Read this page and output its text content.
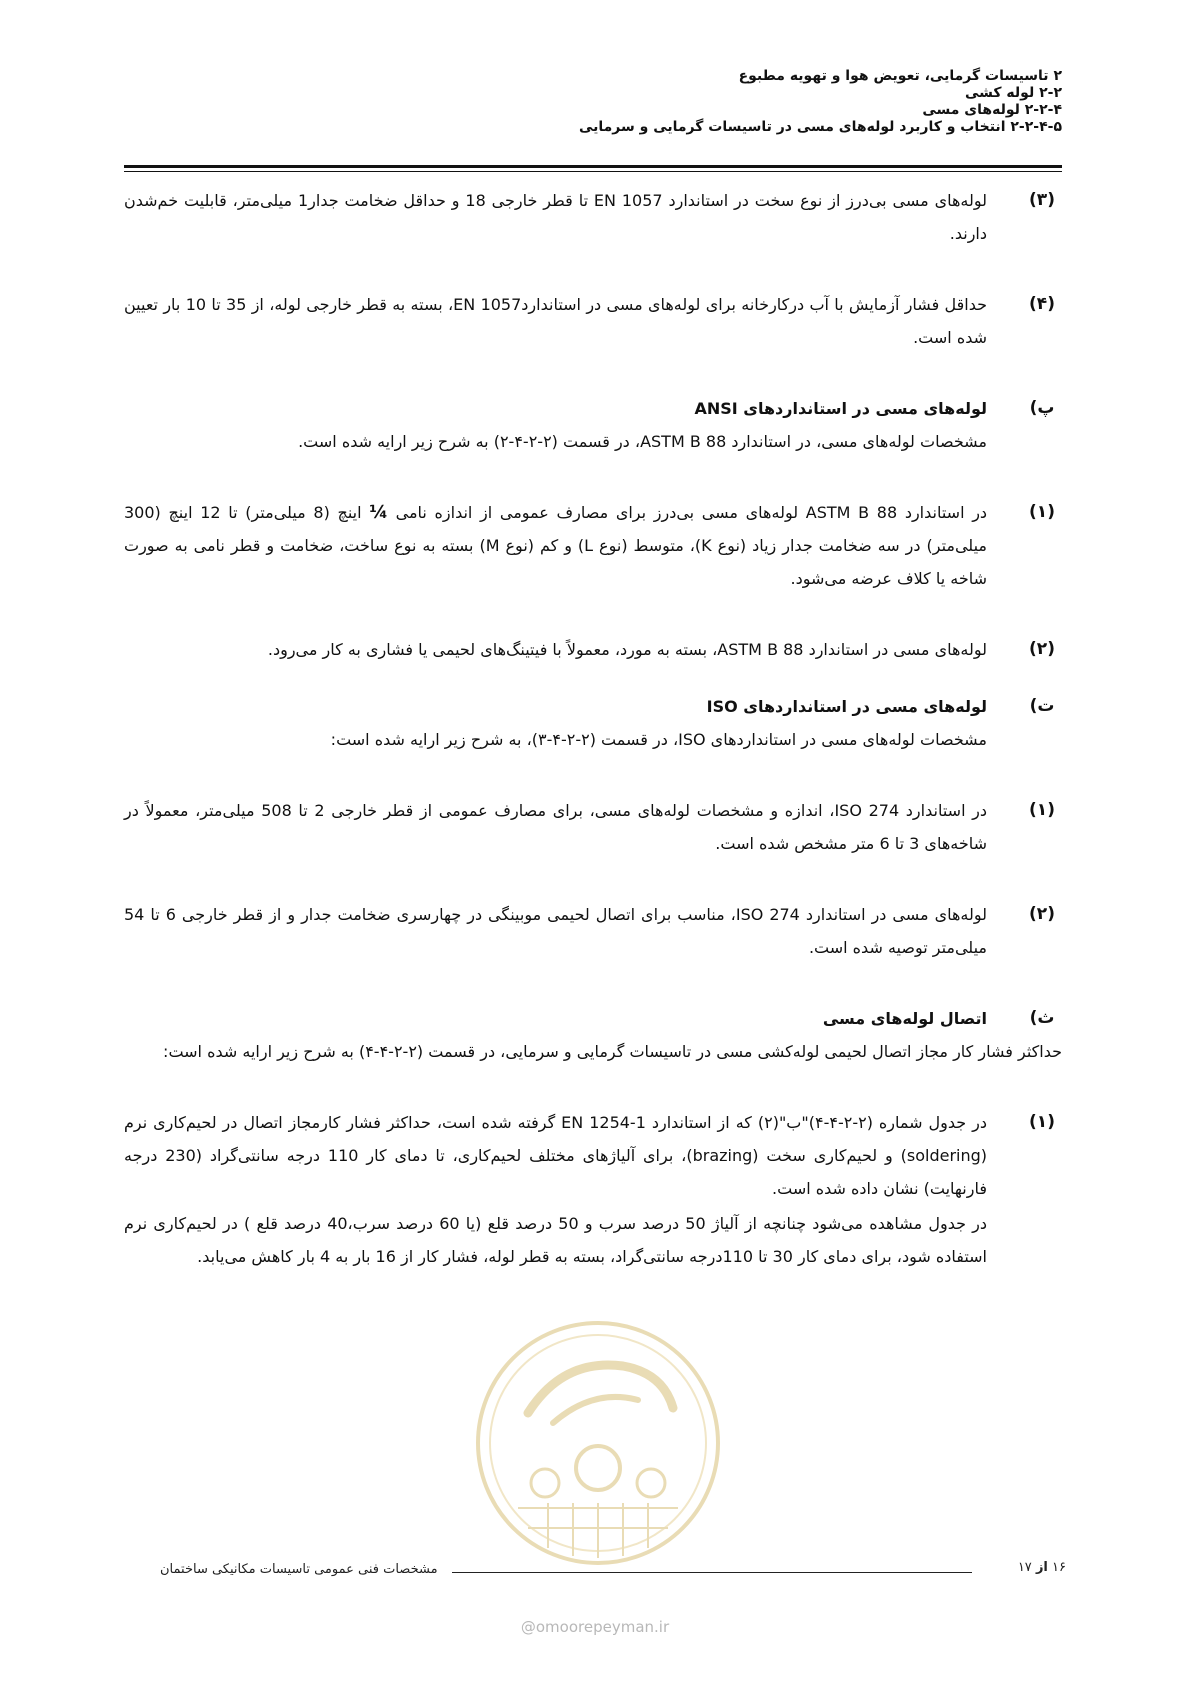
۲ تاسیسات گرمایی، تعویض هوا و تهویه مطبوع
۲-۲ لوله کشی
۲-۲-۴ لوله‌های مسی
۲-۲-۴-۵ انتخاب و کاربرد لوله‌های مسی در تاسیسات گرمایی و سرمایی
(۳)
لوله‌های مسی بی‌درز از نوع سخت در استاندارد EN 1057 تا قطر خارجی 18 و حداقل ضخامت جدار1 میلی‌متر، قابلیت خم‌شدن دارند.
(۴)
حداقل فشار آزمایش با آب درکارخانه برای لوله‌های مسی در استانداردEN 1057، بسته به قطر خارجی لوله، از 35 تا 10 بار تعیین شده است.
پ)
لوله‌های مسی در استانداردهای ANSI
مشخصات لوله‌های مسی، در استاندارد ASTM B 88، در قسمت (۲-۲-۴-۲) به شرح زیر ارایه شده است.
(۱)
در استاندارد ASTM B 88 لوله‌های مسی بی‌درز برای مصارف عمومی از اندازه نامی ¼ اینچ (8 میلی‌متر) تا 12 اینچ (300 میلی‌متر) در سه ضخامت جدار زیاد (نوع K)، متوسط (نوع L) و کم (نوع M) بسته به نوع ساخت، ضخامت و قطر نامی به صورت شاخه یا کلاف عرضه می‌شود.
(۲)
لوله‌های مسی در استاندارد ASTM B 88، بسته به مورد، معمولاً با فیتینگ‌های لحیمی یا فشاری به کار می‌رود.
ت)
لوله‌های مسی در استانداردهای ISO
مشخصات لوله‌های مسی در استانداردهای ISO، در قسمت (۲-۲-۴-۳)، به شرح زیر ارایه شده است:
(۱)
در استاندارد ISO 274، اندازه و مشخصات لوله‌های مسی، برای مصارف عمومی از قطر خارجی 2 تا 508 میلی‌متر، معمولاً در شاخه‌های 3 تا 6 متر مشخص شده است.
(۲)
لوله‌های مسی در استاندارد ISO 274، مناسب برای اتصال لحیمی موبینگی در چهارسری ضخامت جدار و از قطر خارجی 6 تا 54 میلی‌متر توصیه شده است.
ث)
اتصال لوله‌های مسی
حداکثر فشار کار مجاز اتصال لحیمی لوله‌کشی مسی در تاسیسات گرمایی و سرمایی، در قسمت (۲-۲-۴-۴) به شرح زیر ارایه شده است:
(۱)
در جدول شماره (۲-۲-۴-۴)"ب"(۲) که از استاندارد EN 1254-1 گرفته شده است، حداکثر فشار کارمجاز اتصال در لحیم‌کاری نرم (soldering) و لحیم‌کاری سخت (brazing)، برای آلیاژهای مختلف لحیم‌کاری، تا دمای کار 110 درجه سانتی‌گراد (230 درجه فارنهایت) نشان داده شده است.
در جدول مشاهده می‌شود چنانچه از آلیاژ 50 درصد سرب و 50 درصد قلع (یا 60 درصد سرب،40 درصد قلع ) در لحیم‌کاری نرم استفاده شود، برای دمای کار 30 تا 110درجه سانتی‌گراد، بسته به قطر لوله، فشار کار از 16 بار به 4 بار کاهش می‌یابد.
مشخصات فنی عمومی تاسیسات مکانیکی ساختمان	۱۶ از ۱۷
@omoorepeyman.ir
